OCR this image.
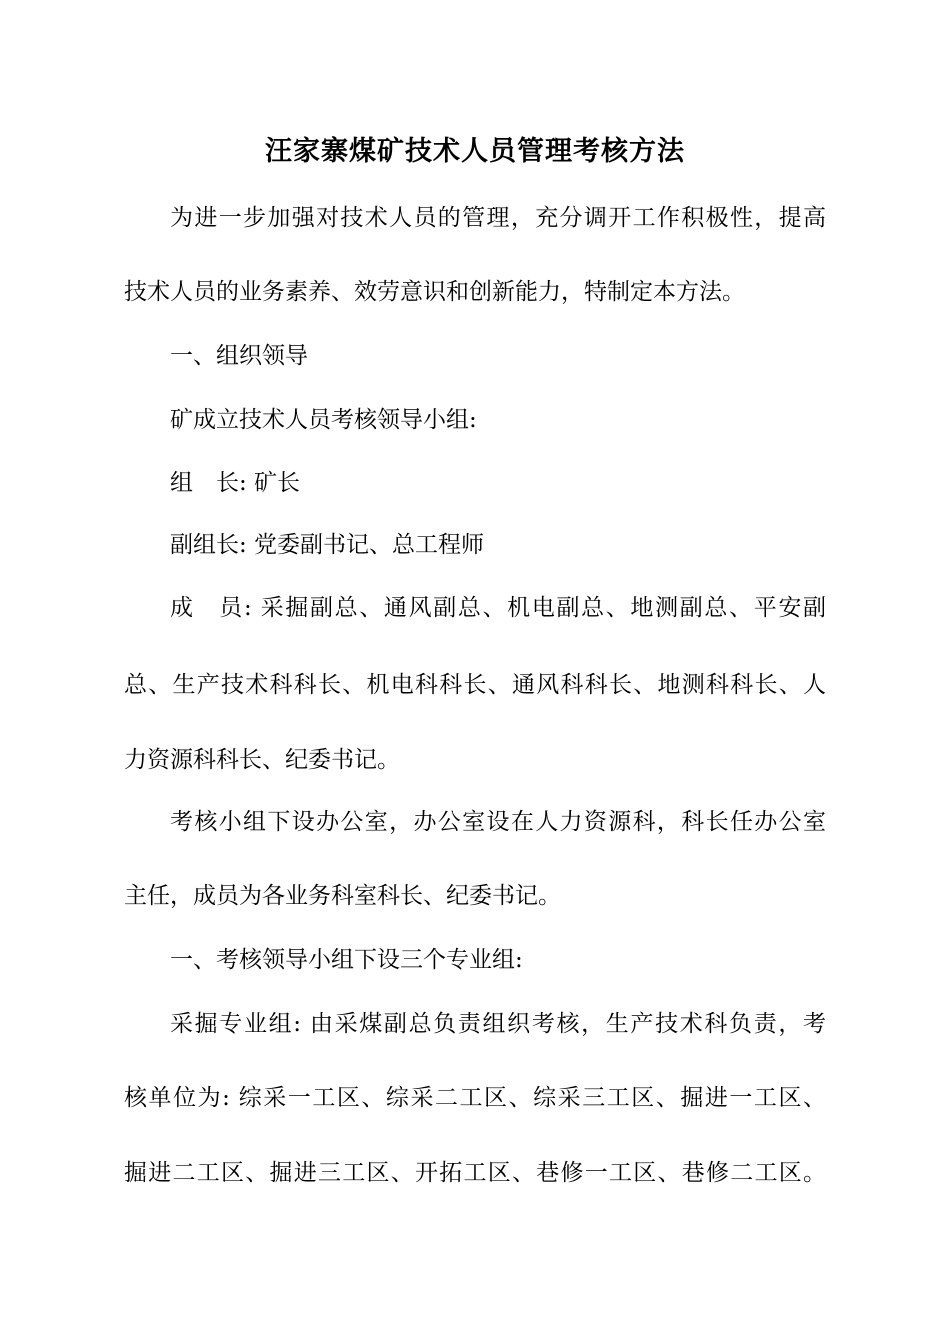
汪家寨煤矿技术人员管理考核方法
为进一步加强对技术人员的管理，充分调开工作积极性，提高
技术人员的业务素养、效劳意识和创新能力，特制定本方法。
一、组织领导
矿成立技术人员考核领导小组:
组　长: 矿长
副组长: 党委副书记、总工程师
成　员: 采掘副总、通风副总、机电副总、地测副总、平安副
总、生产技术科科长、机电科科长、通风科科长、地测科科长、人
力资源科科长、纪委书记。
考核小组下设办公室，办公室设在人力资源科，科长任办公室
主任，成员为各业务科室科长、纪委书记。
一、考核领导小组下设三个专业组:
采掘专业组: 由采煤副总负责组织考核，生产技术科负责，考
核单位为: 综采一工区、综采二工区、综采三工区、掘进一工区、
掘进二工区、掘进三工区、开拓工区、巷修一工区、巷修二工区。
